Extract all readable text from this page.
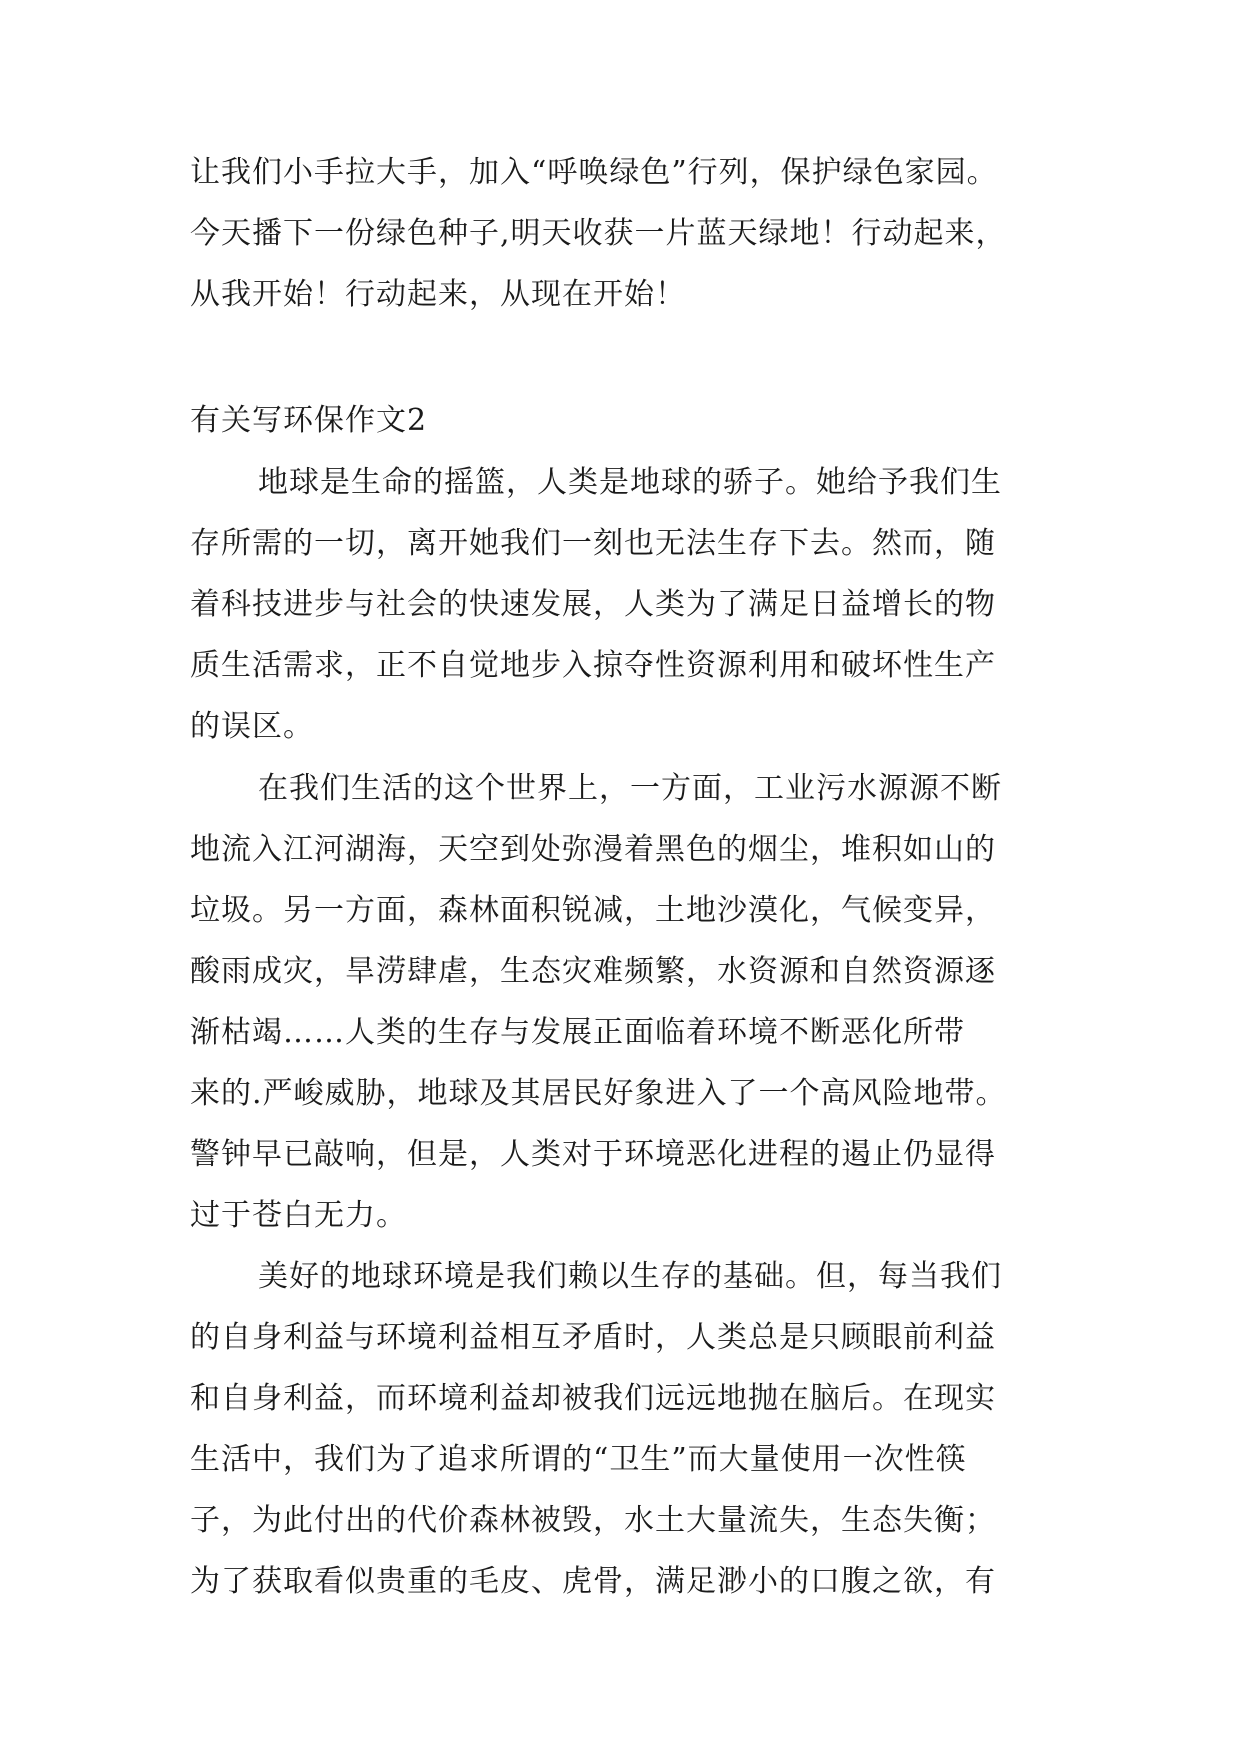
让我们小手拉大手，加入“呼唤绿色”行列，保护绿色家园。
今天播下一份绿色种子,明天收获一片蓝天绿地！行动起来，
从我开始！行动起来，从现在开始！
有关写环保作文2
地球是生命的摇篮，人类是地球的骄子。她给予我们生
存所需的一切，离开她我们一刻也无法生存下去。然而，随
着科技进步与社会的快速发展，人类为了满足日益增长的物
质生活需求，正不自觉地步入掠夺性资源利用和破坏性生产
的误区。
在我们生活的这个世界上，一方面，工业污水源源不断
地流入江河湖海，天空到处弥漫着黑色的烟尘，堆积如山的
垃圾。另一方面，森林面积锐减，土地沙漠化，气候变异，
酸雨成灾，旱涝肆虐，生态灾难频繁，水资源和自然资源逐
渐枯竭……人类的生存与发展正面临着环境不断恶化所带
来的.严峻威胁，地球及其居民好象进入了一个高风险地带。
警钟早已敲响，但是，人类对于环境恶化进程的遏止仍显得
过于苍白无力。
美好的地球环境是我们赖以生存的基础。但，每当我们
的自身利益与环境利益相互矛盾时，人类总是只顾眼前利益
和自身利益，而环境利益却被我们远远地抛在脑后。在现实
生活中，我们为了追求所谓的“卫生”而大量使用一次性筷
子，为此付出的代价森林被毁，水土大量流失，生态失衡；
为了获取看似贵重的毛皮、虎骨，满足渺小的口腹之欲，有
